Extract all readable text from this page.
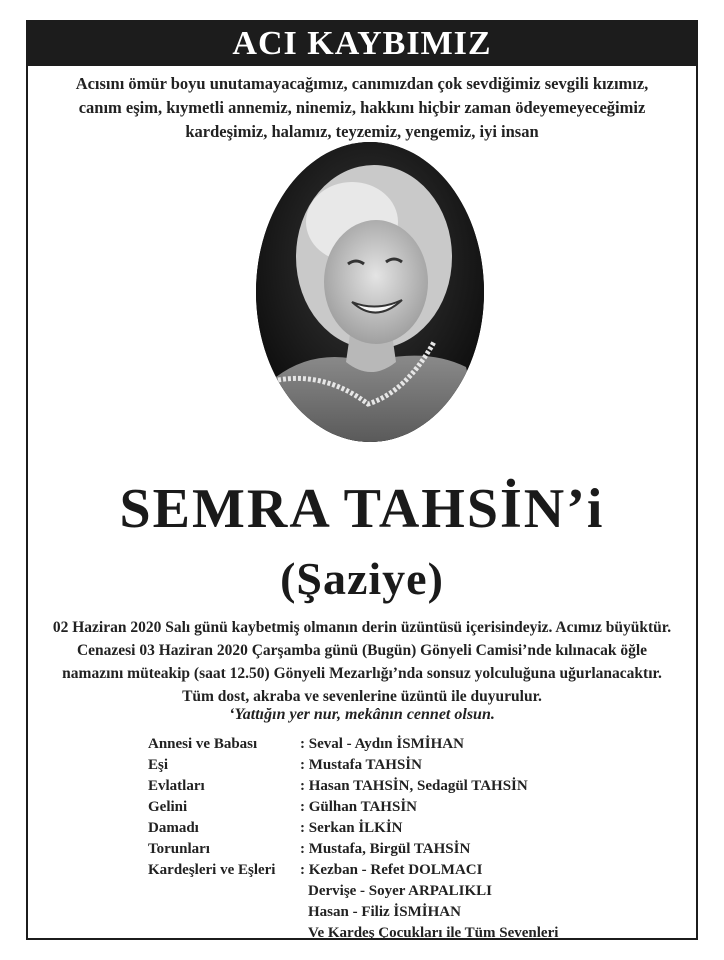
ACI KAYBIMIZ
Acısını ömür boyu unutamayacağımız, canımızdan çok sevdiğimiz sevgili kızımız,
canım eşim, kıymetli annemiz, ninemiz, hakkını hiçbir zaman ödeyemeyeceğimiz
kardeşimiz, halamız, teyzemiz, yengemiz, iyi insan
SEMRA TAHSİN’i
(Şaziye)
02 Haziran 2020 Salı günü kaybetmiş olmanın derin üzüntüsü içerisindeyiz. Acımız büyüktür.
Cenazesi 03 Haziran 2020 Çarşamba günü (Bugün) Gönyeli Camisi’nde kılınacak öğle
namazını müteakip (saat 12.50) Gönyeli Mezarlığı’nda sonsuz yolculuğuna uğurlanacaktır.
Tüm dost, akraba ve sevenlerine üzüntü ile duyurulur.
‘Yattığın yer nur, mekânın cennet olsun.
Annesi ve Babası	: Seval - Aydın İSMİHAN
Eşi	: Mustafa TAHSİN
Evlatları	: Hasan TAHSİN, Sedagül TAHSİN
Gelini	: Gülhan TAHSİN
Damadı	: Serkan İLKİN
Torunları	: Mustafa, Birgül TAHSİN
Kardeşleri ve Eşleri : Kezban - Refet DOLMACI
Dervişe - Soyer ARPALIKLI
Hasan - Filiz İSMİHAN
Ve Kardeş Çocukları ile Tüm Sevenleri
